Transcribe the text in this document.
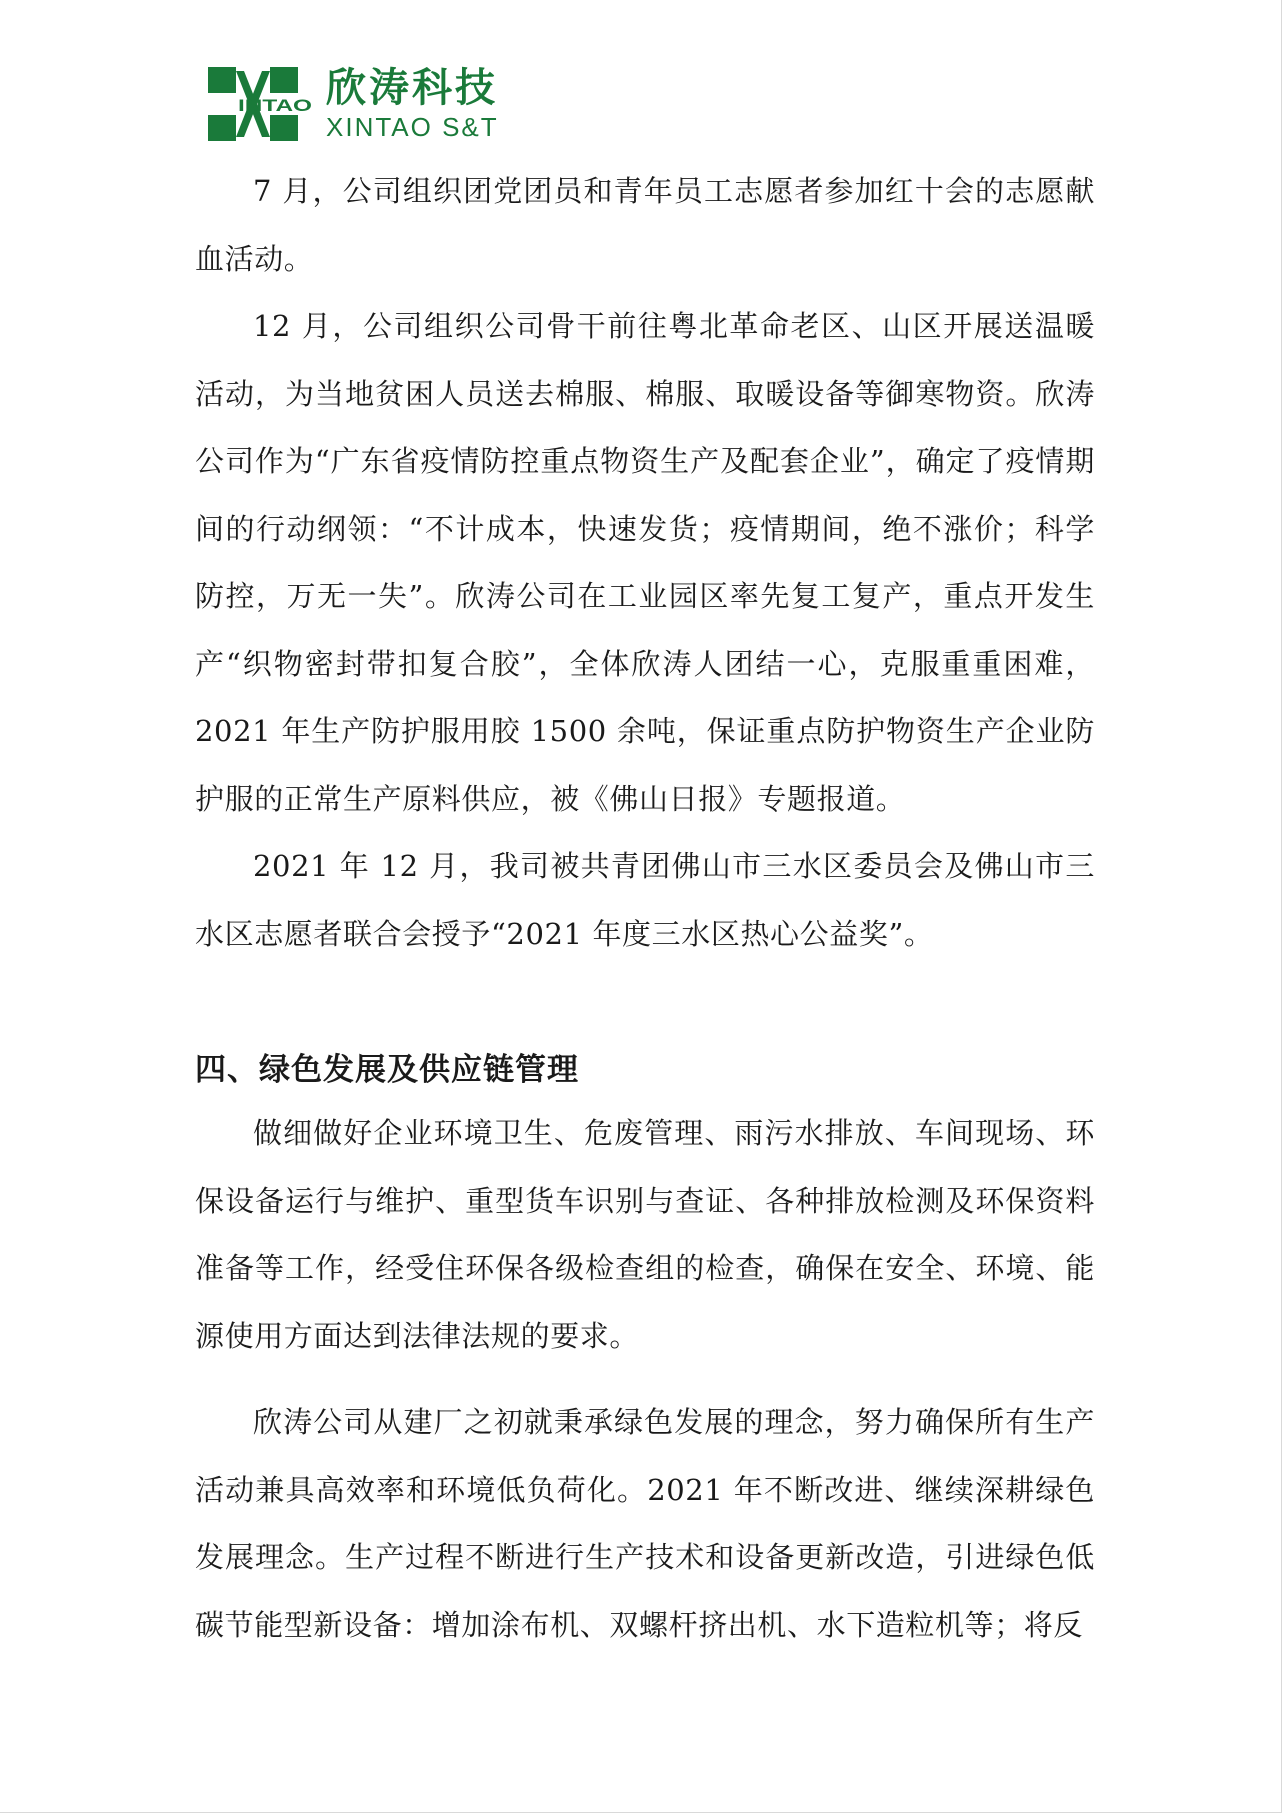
INTAO 欣涛科技
XINTAO S&T

7 月，公司组织团党团员和青年员工志愿者参加红十会的志愿献血活动。

12 月，公司组织公司骨干前往粤北革命老区、山区开展送温暖活动，为当地贫困人员送去棉服、棉服、取暖设备等御寒物资。欣涛公司作为“广东省疫情防控重点物资生产及配套企业”，确定了疫情期间的行动纲领：“不计成本，快速发货；疫情期间，绝不涨价；科学防控，万无一失”。欣涛公司在工业园区率先复工复产，重点开发生产“织物密封带扣复合胶”，全体欣涛人团结一心，克服重重困难，2021 年生产防护服用胶 1500 余吨，保证重点防护物资生产企业防护服的正常生产原料供应，被《佛山日报》专题报道。

2021 年 12 月，我司被共青团佛山市三水区委员会及佛山市三水区志愿者联合会授予“2021 年度三水区热心公益奖”。

四、绿色发展及供应链管理

做细做好企业环境卫生、危废管理、雨污水排放、车间现场、环保设备运行与维护、重型货车识别与查证、各种排放检测及环保资料准备等工作，经受住环保各级检查组的检查，确保在安全、环境、能源使用方面达到法律法规的要求。

欣涛公司从建厂之初就秉承绿色发展的理念，努力确保所有生产活动兼具高效率和环境低负荷化。2021 年不断改进、继续深耕绿色发展理念。生产过程不断进行生产技术和设备更新改造，引进绿色低碳节能型新设备：增加涂布机、双螺杆挤出机、水下造粒机等；将反
